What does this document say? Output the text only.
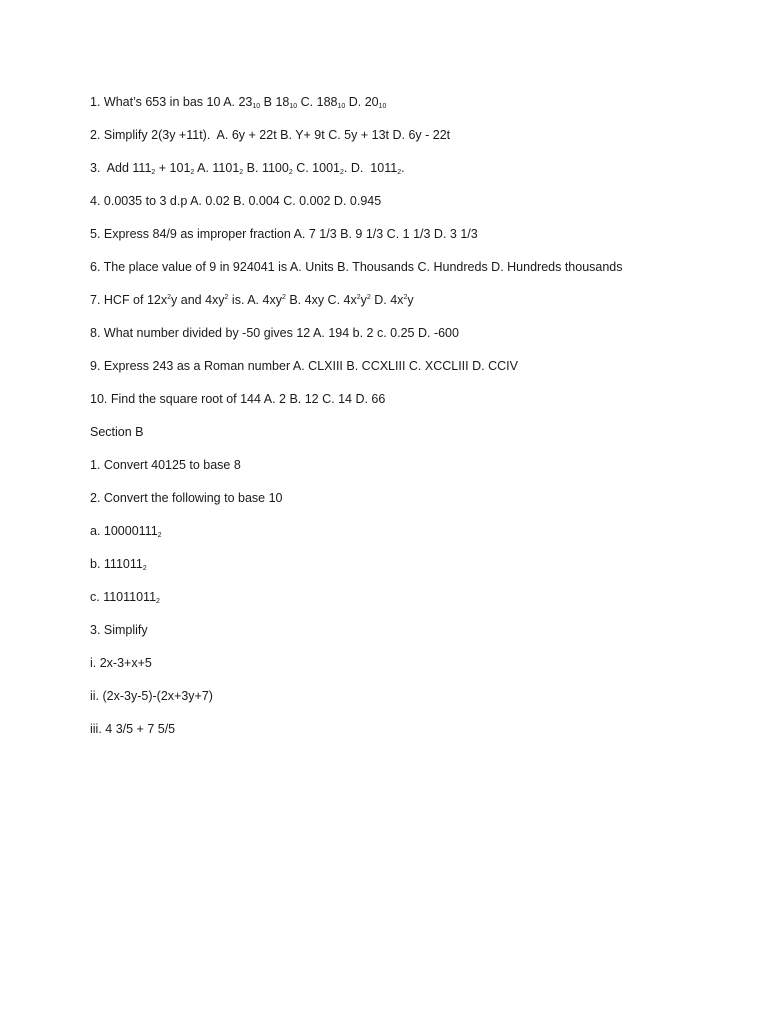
1. What’s 653 in bas 10 A. $23_{10}$ B $18_{10}$ C. $188_{10}$ D. $20_{10}$
2. Simplify 2(3y +11t).  A. 6y + 22t B. Y+ 9t C. 5y + 13t D. 6y - 22t
3.  Add $111_2 + 101_2$ A. $1101_2$ B. $1100_2$ C. $1001_2$. D.  $1011_2$.
4. 0.0035 to 3 d.p A. 0.02 B. 0.004 C. 0.002 D. 0.945
5. Express 84/9 as improper fraction A. 7 1/3 B. 9 1/3 C. 1 1/3 D. 3 1/3
6. The place value of 9 in 924041 is A. Units B. Thousands C. Hundreds D. Hundreds thousands
7. HCF of $12x^2y$ and $4xy^2$ is. A. $4xy^2$ B. 4xy C. $4x^2y^2$ D. $4x^2y$
8. What number divided by -50 gives 12 A. 194 b. 2 c. 0.25 D. -600
9. Express 243 as a Roman number A. CLXIII B. CCXLIII C. XCCLIII D. CCIV
10. Find the square root of 144 A. 2 B. 12 C. 14 D. 66
Section B
1. Convert 40125 to base 8
2. Convert the following to base 10
a. $10000111_2$
b. $111011_2$
c. $11011011_2$
3. Simplify
i. 2x-3+x+5
ii. (2x-3y-5)-(2x+3y+7)
iii. 4 3/5 + 7 5/5
